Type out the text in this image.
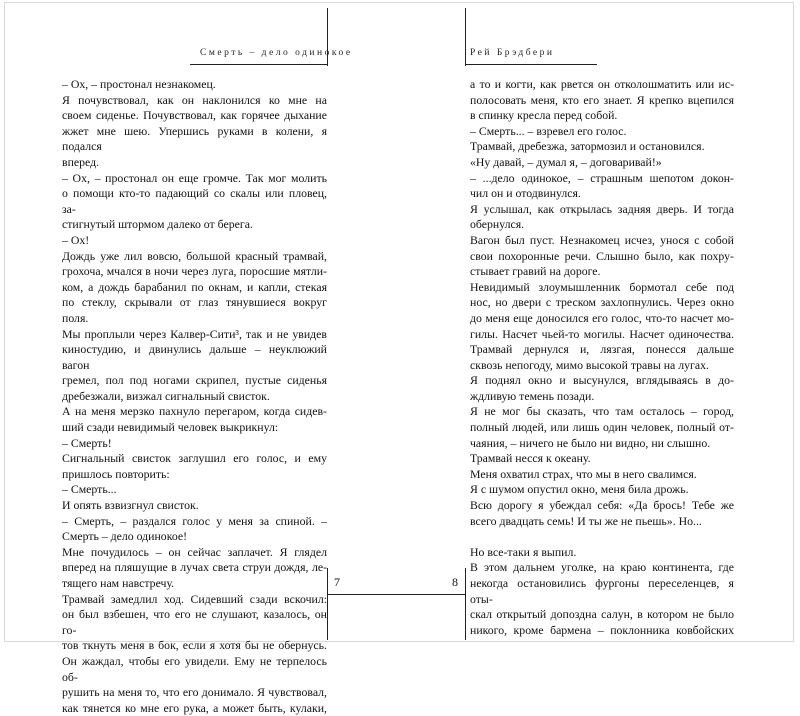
Смерть – дело одинокое

– Ох, – простонал незнакомец.

Я почувствовал, как он наклонился ко мне на

своем сиденье. Почувствовал, как горячее дыхание

жжет мне шею. Упершись руками в колени, я подался

вперед.

– Ох, – простонал он еще громче. Так мог молить

о помощи кто-то падающий со скалы или пловец, за-

стигнутый штормом далеко от берега.

– Ох!

Дождь уже лил вовсю, большой красный трамвай,

грохоча, мчался в ночи через луга, поросшие мятли-

ком, а дождь барабанил по окнам, и капли, стекая

по стеклу, скрывали от глаз тянувшиеся вокруг поля.

Мы проплыли через Калвер-Сити³, так и не увидев

киностудию, и двинулись дальше – неуклюжий вагон

гремел, пол под ногами скрипел, пустые сиденья

дребезжали, визжал сигнальный свисток.

А на меня мерзко пахнуло перегаром, когда сидев-

ший сзади невидимый человек выкрикнул:

– Смерть!

Сигнальный свисток заглушил его голос, и ему

пришлось повторить:

– Смерть...

И опять взвизгнул свисток.

– Смерть, – раздался голос у меня за спиной. –

Смерть – дело одинокое!

Мне почудилось – он сейчас заплачет. Я глядел

вперед на пляшущие в лучах света струи дождя, ле-

тящего нам навстречу.

Трамвай замедлил ход. Сидевший сзади вскочил:

он был взбешен, что его не слушают, казалось, он го-

тов ткнуть меня в бок, если я хотя бы не обернусь.

Он жаждал, чтобы его увидели. Ему не терпелось об-

рушить на меня то, что его донимало. Я чувствовал,

как тянется ко мне его рука, а может быть, кулаки,

7
Рей Брэдбери

а то и когти, как рвется он отколошматить или ис-

полосовать меня, кто его знает. Я крепко вцепился

в спинку кресла перед собой.

– Смерть... – взревел его голос.

Трамвай, дребезжа, затормозил и остановился.

«Ну давай, – думал я, – договаривай!»

– ...дело одинокое, – страшным шепотом докон-

чил он и отодвинулся.

Я услышал, как открылась задняя дверь. И тогда

обернулся.

Вагон был пуст. Незнакомец исчез, унося с собой

свои похоронные речи. Слышно было, как похру-

стывает гравий на дороге.

Невидимый злоумышленник бормотал себе под

нос, но двери с треском захлопнулись. Через окно

до меня еще доносился его голос, что-то насчет мо-

гилы. Насчет чьей-то могилы. Насчет одиночества.

Трамвай дернулся и, лязгая, понесся дальше

сквозь непогоду, мимо высокой травы на лугах.

Я поднял окно и высунулся, вглядываясь в до-

ждливую темень позади.

Я не мог бы сказать, что там осталось – город,

полный людей, или лишь один человек, полный от-

чаяния, – ничего не было ни видно, ни слышно.

Трамвай несся к океану.

Меня охватил страх, что мы в него свалимся.

Я с шумом опустил окно, меня била дрожь.

Всю дорогу я убеждал себя: «Да брось! Тебе же

всего двадцать семь! И ты же не пьешь». Но...

Но все-таки я выпил.

В этом дальнем уголке, на краю континента, где

некогда остановились фургоны переселенцев, я оты-

скал открытый допоздна салун, в котором не было

никого, кроме бармена – поклонника ковбойских

8
